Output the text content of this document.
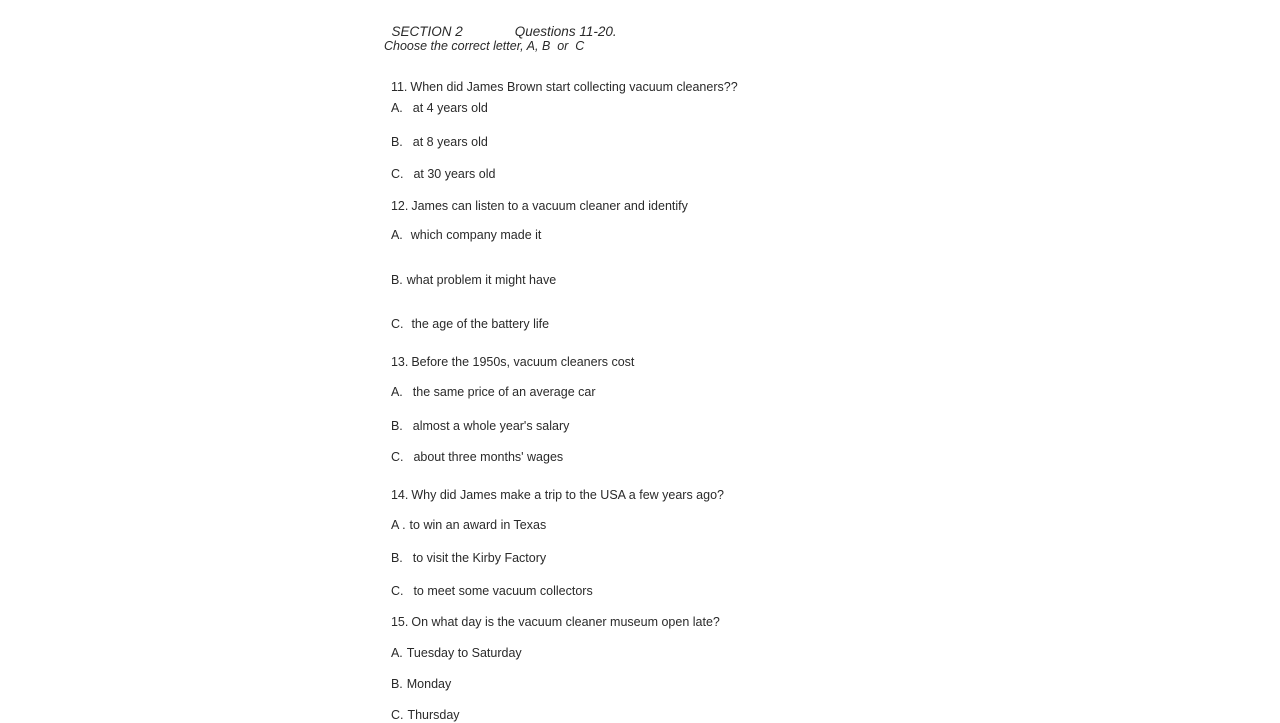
SECTION 2	Questions 11-20.

Choose the correct letter, A, B  or  C

11. When did James Brown start collecting vacuum cleaners??

A. at 4 years old

B. at 8 years old

C. at 30 years old

12. James can listen to a vacuum cleaner and identify

A. which company made it

B. what problem it might have

C. the age of the battery life

13. Before the 1950s, vacuum cleaners cost

A. the same price of an average car

B. almost a whole year's salary

C. about three months' wages

14. Why did James make a trip to the USA a few years ago?

A . to win an award in Texas

B. to visit the Kirby Factory

C. to meet some vacuum collectors

15. On what day is the vacuum cleaner museum open late?

A. Tuesday to Saturday

B. Monday

C. Thursday
